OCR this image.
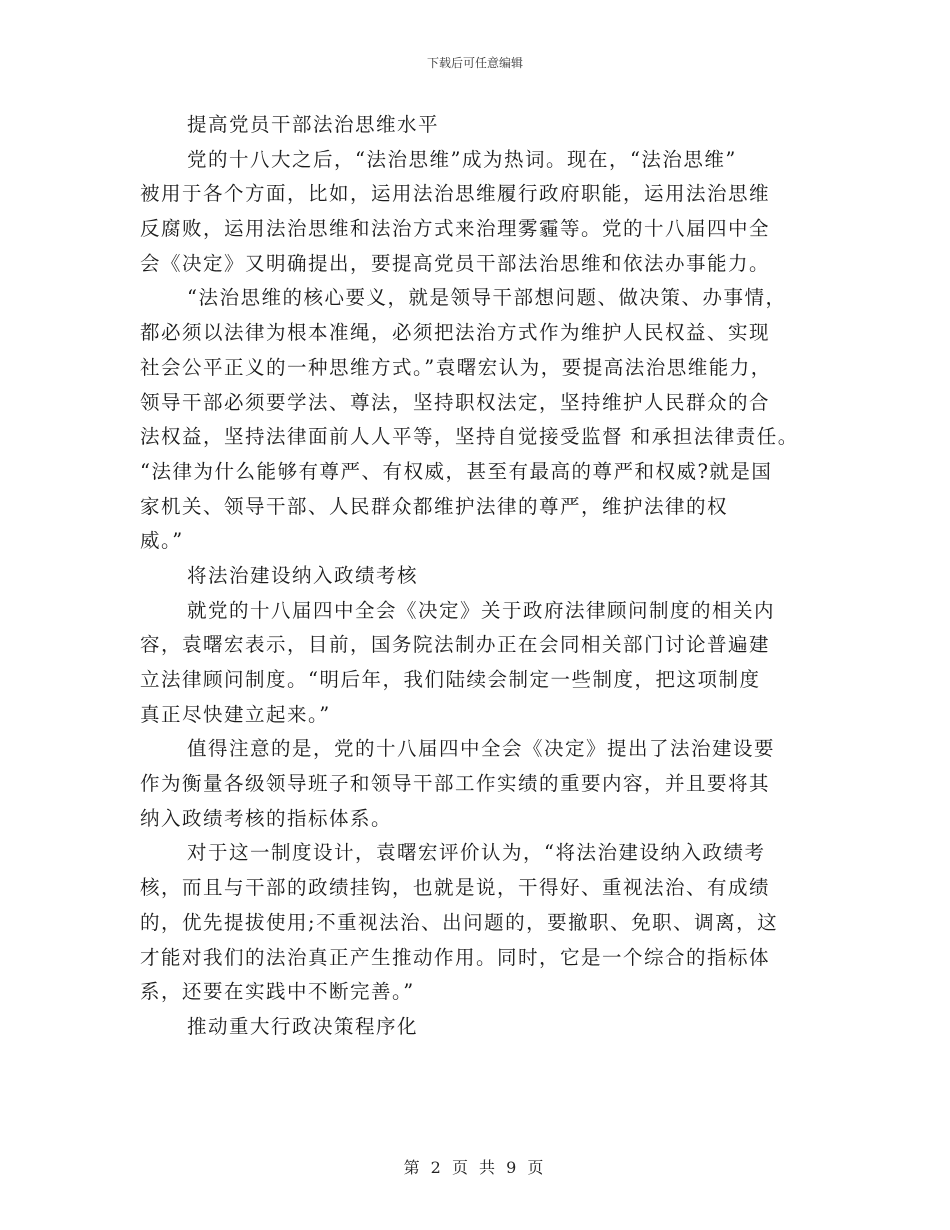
下载后可任意编辑
提高党员干部法治思维水平
党的十八大之后，“法治思维”成为热词。现在，“法治思维”
被用于各个方面，比如，运用法治思维履行政府职能，运用法治思维
反腐败，运用法治思维和法治方式来治理雾霾等。党的十八届四中全
会《决定》又明确提出，要提高党员干部法治思维和依法办事能力。
“法治思维的核心要义，就是领导干部想问题、做决策、办事情，
都必须以法律为根本准绳，必须把法治方式作为维护人民权益、实现
社会公平正义的一种思维方式。”袁曙宏认为，要提高法治思维能力，
领导干部必须要学法、尊法，坚持职权法定，坚持维护人民群众的合
法权益，坚持法律面前人人平等，坚持自觉接受监督 和承担法律责任。
“法律为什么能够有尊严、有权威，甚至有最高的尊严和权威?就是国
家机关、领导干部、人民群众都维护法律的尊严，维护法律的权
威。”
将法治建设纳入政绩考核
就党的十八届四中全会《决定》关于政府法律顾问制度的相关内
容，袁曙宏表示，目前，国务院法制办正在会同相关部门讨论普遍建
立法律顾问制度。“明后年，我们陆续会制定一些制度，把这项制度
真正尽快建立起来。”
值得注意的是，党的十八届四中全会《决定》提出了法治建设要
作为衡量各级领导班子和领导干部工作实绩的重要内容，并且要将其
纳入政绩考核的指标体系。
对于这一制度设计，袁曙宏评价认为，“将法治建设纳入政绩考
核，而且与干部的政绩挂钩，也就是说，干得好、重视法治、有成绩
的，优先提拔使用;不重视法治、出问题的，要撤职、免职、调离，这
才能对我们的法治真正产生推动作用。同时，它是一个综合的指标体
系，还要在实践中不断完善。”
推动重大行政决策程序化
第 2 页 共 9 页
